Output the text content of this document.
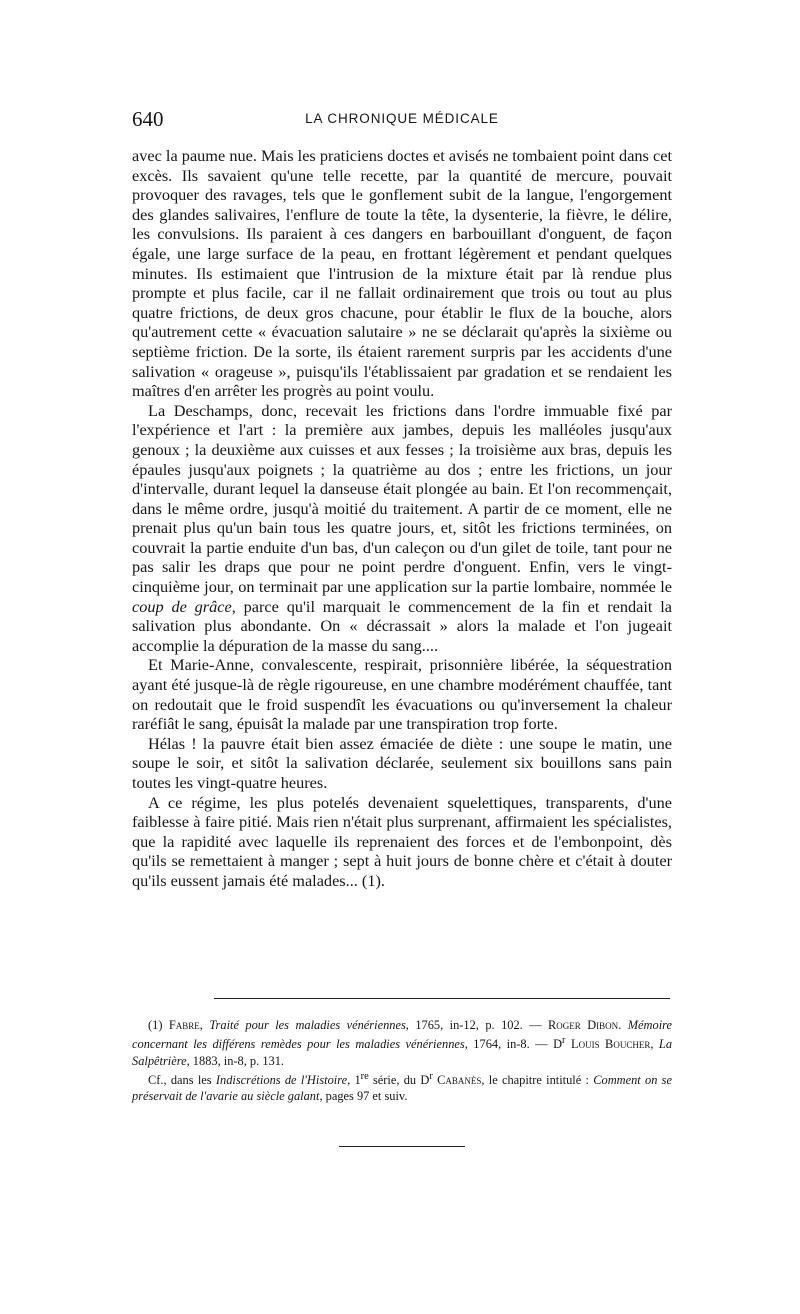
640	LA CHRONIQUE MÉDICALE

avec la paume nue. Mais les praticiens doctes et avisés ne tombaient point dans cet excès. Ils savaient qu'une telle recette, par la quantité de mercure, pouvait provoquer des ravages, tels que le gonflement subit de la langue, l'engorgement des glandes salivaires, l'enflure de toute la tête, la dysenterie, la fièvre, le délire, les convulsions. Ils paraient à ces dangers en barbouillant d'onguent, de façon égale, une large surface de la peau, en frottant légèrement et pendant quelques minutes. Ils estimaient que l'intrusion de la mixture était par là rendue plus prompte et plus facile, car il ne fallait ordinairement que trois ou tout au plus quatre frictions, de deux gros chacune, pour établir le flux de la bouche, alors qu'autrement cette « évacuation salutaire » ne se déclarait qu'après la sixième ou septième friction. De la sorte, ils étaient rarement surpris par les accidents d'une salivation « orageuse », puisqu'ils l'établissaient par gradation et se rendaient les maîtres d'en arrêter les progrès au point voulu.

La Deschamps, donc, recevait les frictions dans l'ordre immuable fixé par l'expérience et l'art : la première aux jambes, depuis les malléoles jusqu'aux genoux ; la deuxième aux cuisses et aux fesses ; la troisième aux bras, depuis les épaules jusqu'aux poignets ; la quatrième au dos ; entre les frictions, un jour d'intervalle, durant lequel la danseuse était plongée au bain. Et l'on recommençait, dans le même ordre, jusqu'à moitié du traitement. A partir de ce moment, elle ne prenait plus qu'un bain tous les quatre jours, et, sitôt les frictions terminées, on couvrait la partie enduite d'un bas, d'un caleçon ou d'un gilet de toile, tant pour ne pas salir les draps que pour ne point perdre d'onguent. Enfin, vers le vingt-cinquième jour, on terminait par une application sur la partie lombaire, nommée le coup de grâce, parce qu'il marquait le commencement de la fin et rendait la salivation plus abondante. On « décrassait » alors la malade et l'on jugeait accomplie la dépuration de la masse du sang....

Et Marie-Anne, convalescente, respirait, prisonnière libérée, la séquestration ayant été jusque-là de règle rigoureuse, en une chambre modérément chauffée, tant on redoutait que le froid suspendît les évacuations ou qu'inversement la chaleur raréfiât le sang, épuisât la malade par une transpiration trop forte.

Hélas ! la pauvre était bien assez émaciée de diète : une soupe le matin, une soupe le soir, et sitôt la salivation déclarée, seulement six bouillons sans pain toutes les vingt-quatre heures.

A ce régime, les plus potelés devenaient squelettiques, transparents, d'une faiblesse à faire pitié. Mais rien n'était plus surprenant, affirmaient les spécialistes, que la rapidité avec laquelle ils reprenaient des forces et de l'embonpoint, dès qu'ils se remettaient à manger ; sept à huit jours de bonne chère et c'était à douter qu'ils eussent jamais été malades... (1).

(1) Fabre, Traité pour les maladies vénériennes, 1765, in-12, p. 102. — Roger Dibon. Mémoire concernant les différens remèdes pour les maladies vénériennes, 1764, in-8. — $D^r$ Louis Boucher, La Salpêtrière, 1883, in-8, p. 131.

Cf., dans les Indiscrétions de l'Histoire, 1re série, du $D^r$ Cabanès, le chapitre intitulé : Comment on se préservait de l'avarie au siècle galant, pages 97 et suiv.
